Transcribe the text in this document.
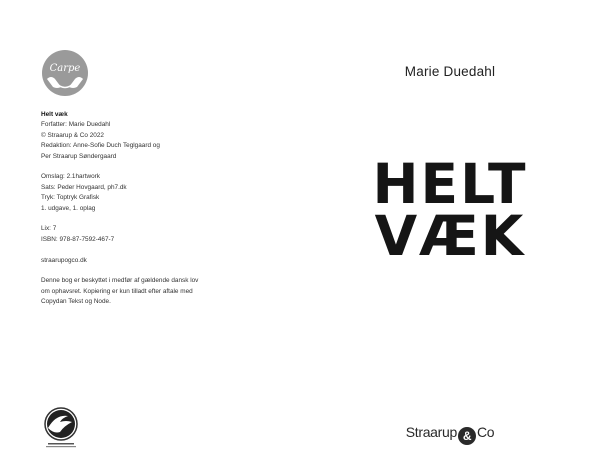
Carpe
Helt væk
Forfatter: Marie Duedahl
© Straarup & Co 2022
Redaktion: Anne-Sofie Duch Teglgaard og
Per Straarup Søndergaard
Omslag: 2.1hartwork
Sats: Peder Hovgaard, ph7.dk
Tryk: Toptryk Grafisk
1. udgave, 1. oplag
Lix: 7
ISBN: 978-87-7592-467-7
straarupogco.dk
Denne bog er beskyttet i medfør af gældende dansk lov
om ophavsret. Kopiering er kun tilladt efter aftale med
Copydan Tekst og Node.
Marie Duedahl
HELT
VÆK
Straarup & Co
